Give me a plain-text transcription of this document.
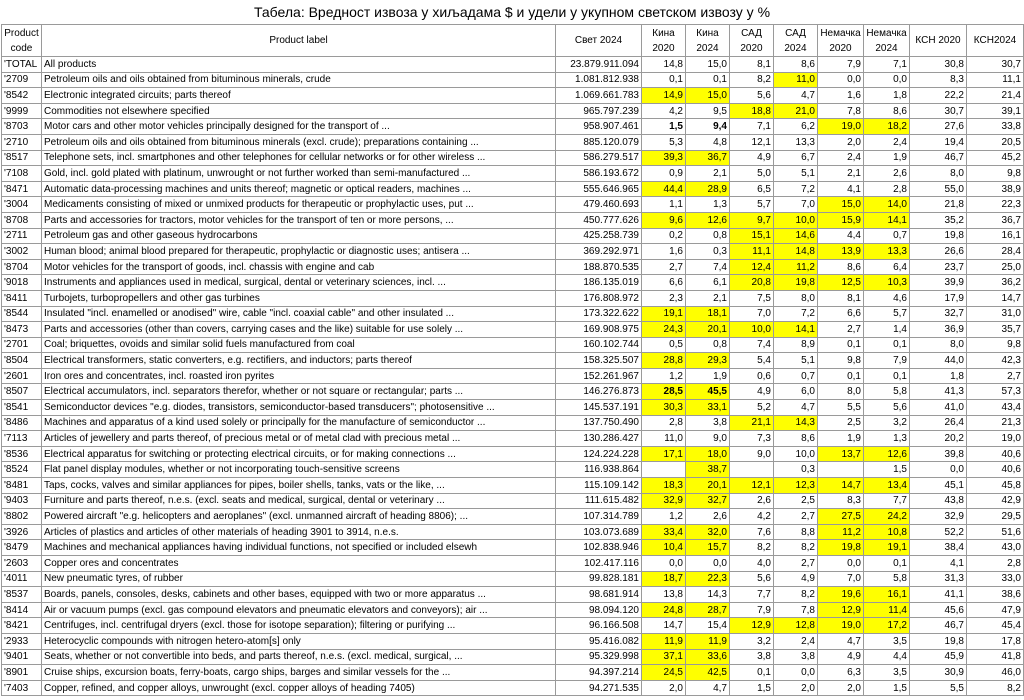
Табела: Вредност извоза у хиљадама $ и удели у укупном светском извозу у %
Product code	Product label	Свет 2024	Кина 2020	Кина 2024	САД 2020	САД 2024	Немачка 2020	Немачка 2024	КСН 2020	КСН2024
'TOTAL	All products	23.879.911.094	14,8	15,0	8,1	8,6	7,9	7,1	30,8	30,7
'2709	Petroleum oils and oils obtained from bituminous minerals, crude	1.081.812.938	0,1	0,1	8,2	11,0	0,0	0,0	8,3	11,1
'8542	Electronic integrated circuits; parts thereof	1.069.661.783	14,9	15,0	5,6	4,7	1,6	1,8	22,2	21,4
'9999	Commodities not elsewhere specified	965.797.239	4,2	9,5	18,8	21,0	7,8	8,6	30,7	39,1
'8703	Motor cars and other motor vehicles principally designed for the transport of ...	958.907.461	1,5	9,4	7,1	6,2	19,0	18,2	27,6	33,8
'2710	Petroleum oils and oils obtained from bituminous minerals (excl. crude); preparations containing ...	885.120.079	5,3	4,8	12,1	13,3	2,0	2,4	19,4	20,5
'8517	Telephone sets, incl. smartphones and other telephones for cellular networks or for other wireless ...	586.279.517	39,3	36,7	4,9	6,7	2,4	1,9	46,7	45,2
'7108	Gold, incl. gold plated with platinum, unwrought or not further worked than semi-manufactured ...	586.193.672	0,9	2,1	5,0	5,1	2,1	2,6	8,0	9,8
'8471	Automatic data-processing machines and units thereof; magnetic or optical readers, machines ...	555.646.965	44,4	28,9	6,5	7,2	4,1	2,8	55,0	38,9
'3004	Medicaments consisting of mixed or unmixed products for therapeutic or prophylactic uses, put ...	479.460.693	1,1	1,3	5,7	7,0	15,0	14,0	21,8	22,3
'8708	Parts and accessories for tractors, motor vehicles for the transport of ten or more persons, ...	450.777.626	9,6	12,6	9,7	10,0	15,9	14,1	35,2	36,7
'2711	Petroleum gas and other gaseous hydrocarbons	425.258.739	0,2	0,8	15,1	14,6	4,4	0,7	19,8	16,1
'3002	Human blood; animal blood prepared for therapeutic, prophylactic or diagnostic uses; antisera ...	369.292.971	1,6	0,3	11,1	14,8	13,9	13,3	26,6	28,4
'8704	Motor vehicles for the transport of goods, incl. chassis with engine and cab	188.870.535	2,7	7,4	12,4	11,2	8,6	6,4	23,7	25,0
'9018	Instruments and appliances used in medical, surgical, dental or veterinary sciences, incl. ...	186.135.019	6,6	6,1	20,8	19,8	12,5	10,3	39,9	36,2
'8411	Turbojets, turbopropellers and other gas turbines	176.808.972	2,3	2,1	7,5	8,0	8,1	4,6	17,9	14,7
'8544	Insulated "incl. enamelled or anodised" wire, cable "incl. coaxial cable" and other insulated ...	173.322.622	19,1	18,1	7,0	7,2	6,6	5,7	32,7	31,0
'8473	Parts and accessories (other than covers, carrying cases and the like) suitable for use solely ...	169.908.975	24,3	20,1	10,0	14,1	2,7	1,4	36,9	35,7
'2701	Coal; briquettes, ovoids and similar solid fuels manufactured from coal	160.102.744	0,5	0,8	7,4	8,9	0,1	0,1	8,0	9,8
'8504	Electrical transformers, static converters, e.g. rectifiers, and inductors; parts thereof	158.325.507	28,8	29,3	5,4	5,1	9,8	7,9	44,0	42,3
'2601	Iron ores and concentrates, incl. roasted iron pyrites	152.261.967	1,2	1,9	0,6	0,7	0,1	0,1	1,8	2,7
'8507	Electrical accumulators, incl. separators therefor, whether or not square or rectangular; parts ...	146.276.873	28,5	45,5	4,9	6,0	8,0	5,8	41,3	57,3
'8541	Semiconductor devices "e.g. diodes, transistors, semiconductor-based transducers"; photosensitive ...	145.537.191	30,3	33,1	5,2	4,7	5,5	5,6	41,0	43,4
'8486	Machines and apparatus of a kind used solely or principally for the manufacture of semiconductor ...	137.750.490	2,8	3,8	21,1	14,3	2,5	3,2	26,4	21,3
'7113	Articles of jewellery and parts thereof, of precious metal or of metal clad with precious metal ...	130.286.427	11,0	9,0	7,3	8,6	1,9	1,3	20,2	19,0
'8536	Electrical apparatus for switching or protecting electrical circuits, or for making connections ...	124.224.228	17,1	18,0	9,0	10,0	13,7	12,6	39,8	40,6
'8524	Flat panel display modules, whether or not incorporating touch-sensitive screens	116.938.864		38,7		0,3		1,5	0,0	40,6
'8481	Taps, cocks, valves and similar appliances for pipes, boiler shells, tanks, vats or the like, ...	115.109.142	18,3	20,1	12,1	12,3	14,7	13,4	45,1	45,8
'9403	Furniture and parts thereof, n.e.s. (excl. seats and medical, surgical, dental or veterinary ...	111.615.482	32,9	32,7	2,6	2,5	8,3	7,7	43,8	42,9
'8802	Powered aircraft "e.g. helicopters and aeroplanes" (excl. unmanned aircraft of heading 8806); ...	107.314.789	1,2	2,6	4,2	2,7	27,5	24,2	32,9	29,5
'3926	Articles of plastics and articles of other materials of heading 3901 to 3914, n.e.s.	103.073.689	33,4	32,0	7,6	8,8	11,2	10,8	52,2	51,6
'8479	Machines and mechanical appliances having individual functions, not specified or included elsewh	102.838.946	10,4	15,7	8,2	8,2	19,8	19,1	38,4	43,0
'2603	Copper ores and concentrates	102.417.116	0,0	0,0	4,0	2,7	0,0	0,1	4,1	2,8
'4011	New pneumatic tyres, of rubber	99.828.181	18,7	22,3	5,6	4,9	7,0	5,8	31,3	33,0
'8537	Boards, panels, consoles, desks, cabinets and other bases, equipped with two or more apparatus ...	98.681.914	13,8	14,3	7,7	8,2	19,6	16,1	41,1	38,6
'8414	Air or vacuum pumps (excl. gas compound elevators and pneumatic elevators and conveyors); air ...	98.094.120	24,8	28,7	7,9	7,8	12,9	11,4	45,6	47,9
'8421	Centrifuges, incl. centrifugal dryers (excl. those for isotope separation); filtering or purifying ...	96.166.508	14,7	15,4	12,9	12,8	19,0	17,2	46,7	45,4
'2933	Heterocyclic compounds with nitrogen hetero-atom[s] only	95.416.082	11,9	11,9	3,2	2,4	4,7	3,5	19,8	17,8
'9401	Seats, whether or not convertible into beds, and parts thereof, n.e.s. (excl. medical, surgical, ...	95.329.998	37,1	33,6	3,8	3,8	4,9	4,4	45,9	41,8
'8901	Cruise ships, excursion boats, ferry-boats, cargo ships, barges and similar vessels for the ...	94.397.214	24,5	42,5	0,1	0,0	6,3	3,5	30,9	46,0
'7403	Copper, refined, and copper alloys, unwrought (excl. copper alloys of heading 7405)	94.271.535	2,0	4,7	1,5	2,0	2,0	1,5	5,5	8,2
